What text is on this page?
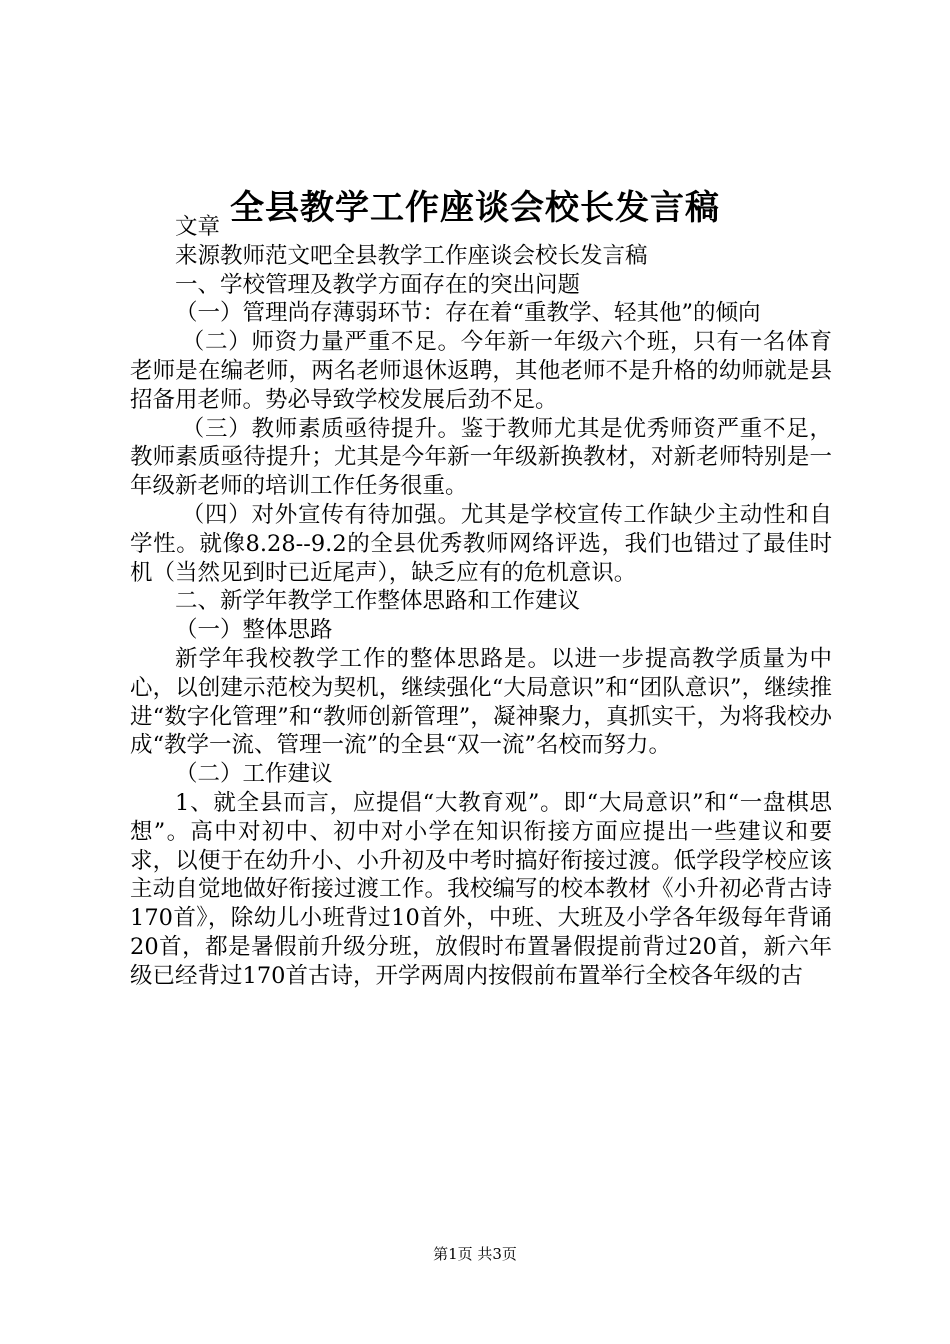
全县教学工作座谈会校长发言稿

文章

来源教师范文吧全县教学工作座谈会校长发言稿

一、学校管理及教学方面存在的突出问题

（一）管理尚存薄弱环节：存在着“重教学、轻其他”的倾向

（二）师资力量严重不足。今年新一年级六个班，只有一名体育老师是在编老师，两名老师退休返聘，其他老师不是升格的幼师就是县招备用老师。势必导致学校发展后劲不足。

（三）教师素质亟待提升。鉴于教师尤其是优秀师资严重不足，教师素质亟待提升；尤其是今年新一年级新换教材，对新老师特别是一年级新老师的培训工作任务很重。

（四）对外宣传有待加强。尤其是学校宣传工作缺少主动性和自学性。就像8.28--9.2的全县优秀教师网络评选，我们也错过了最佳时机（当然见到时已近尾声），缺乏应有的危机意识。

二、新学年教学工作整体思路和工作建议

（一）整体思路

新学年我校教学工作的整体思路是。以进一步提高教学质量为中心，以创建示范校为契机，继续强化“大局意识”和“团队意识”，继续推进“数字化管理”和“教师创新管理”，凝神聚力，真抓实干，为将我校办成“教学一流、管理一流”的全县“双一流”名校而努力。

（二）工作建议

1、就全县而言，应提倡“大教育观”。即“大局意识”和“一盘棋思想”。高中对初中、初中对小学在知识衔接方面应提出一些建议和要求，以便于在幼升小、小升初及中考时搞好衔接过渡。低学段学校应该主动自觉地做好衔接过渡工作。我校编写的校本教材《小升初必背古诗170首》，除幼儿小班背过10首外，中班、大班及小学各年级每年背诵20首，都是暑假前升级分班，放假时布置暑假提前背过20首，新六年级已经背过170首古诗，开学两周内按假前布置举行全校各年级的古

第1页 共3页
